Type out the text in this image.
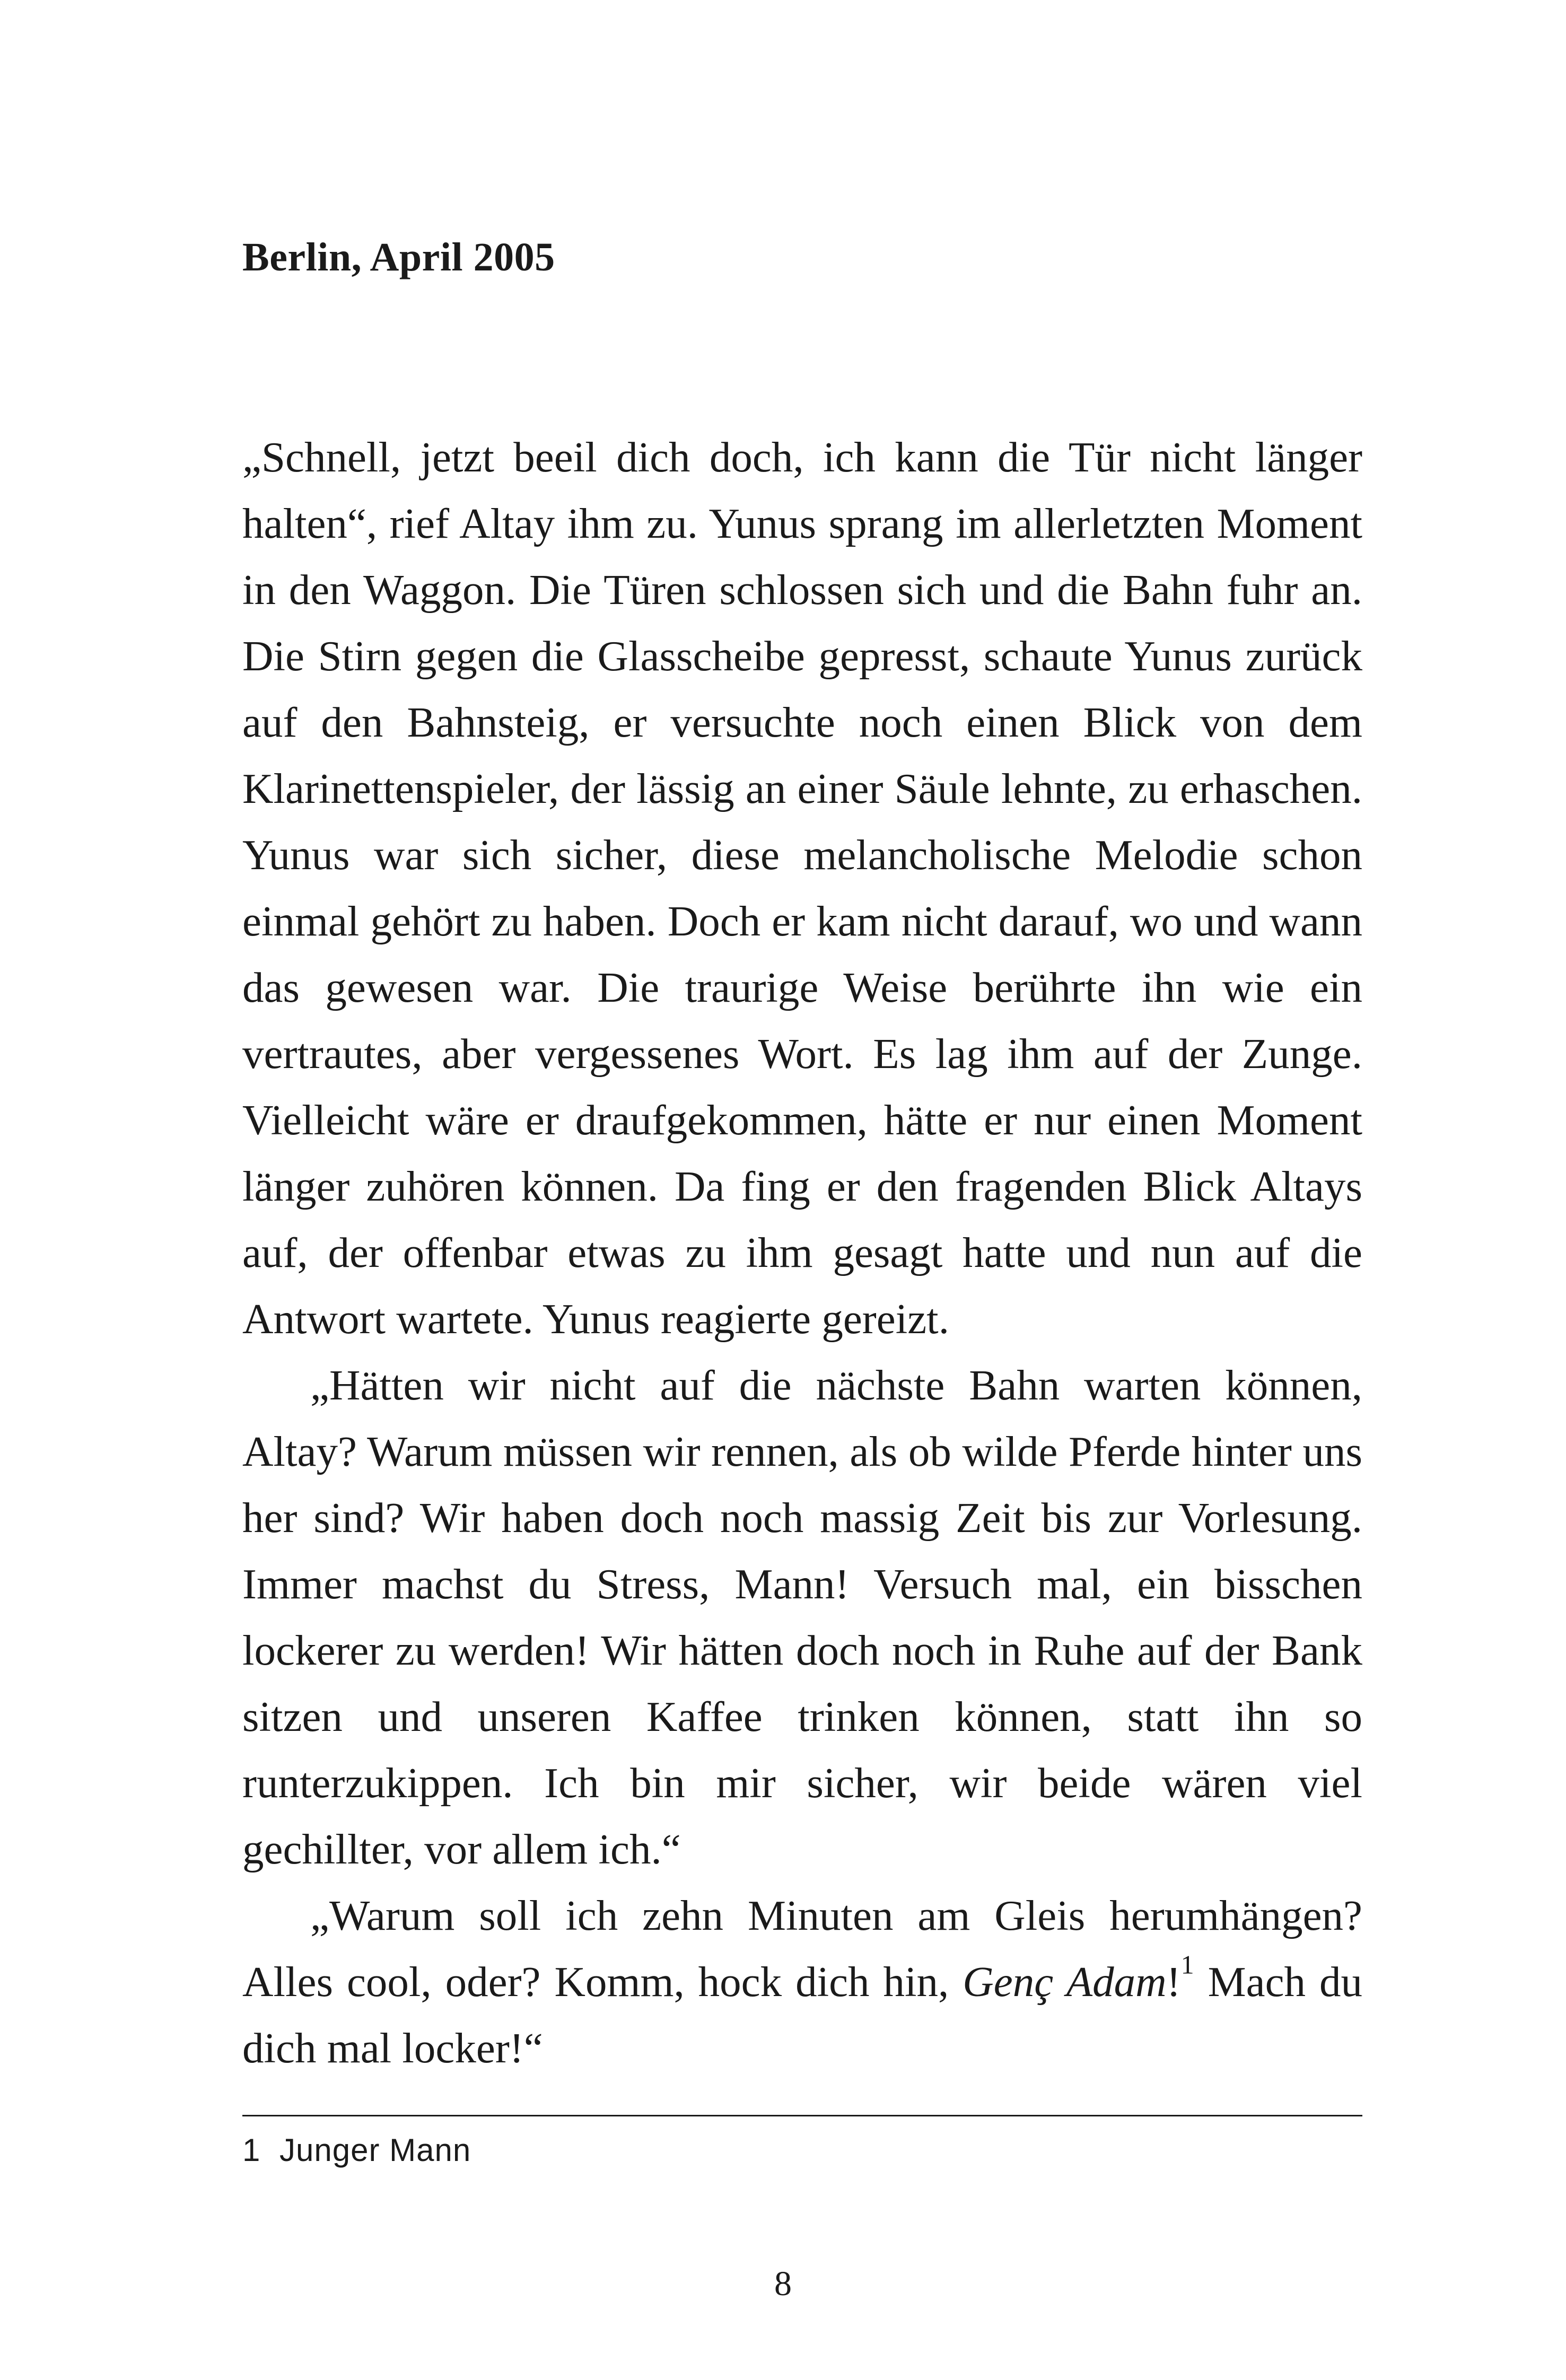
Berlin, April 2005

„Schnell, jetzt beeil dich doch, ich kann die Tür nicht länger halten“, rief Altay ihm zu. Yunus sprang im allerletzten Moment in den Waggon. Die Türen schlossen sich und die Bahn fuhr an. Die Stirn gegen die Glasscheibe gepresst, schaute Yunus zurück auf den Bahnsteig, er versuchte noch einen Blick von dem Klarinettenspieler, der lässig an einer Säule lehnte, zu erhaschen. Yunus war sich sicher, diese melancholische Melodie schon einmal gehört zu haben. Doch er kam nicht darauf, wo und wann das gewesen war. Die traurige Weise berührte ihn wie ein vertrautes, aber vergessenes Wort. Es lag ihm auf der Zunge. Vielleicht wäre er draufgekommen, hätte er nur einen Moment länger zuhören können. Da fing er den fragenden Blick Altays auf, der offenbar etwas zu ihm gesagt hatte und nun auf die Antwort wartete. Yunus reagierte gereizt.

„Hätten wir nicht auf die nächste Bahn warten können, Altay? Warum müssen wir rennen, als ob wilde Pferde hinter uns her sind? Wir haben doch noch massig Zeit bis zur Vorlesung. Immer machst du Stress, Mann! Versuch mal, ein bisschen lockerer zu werden! Wir hätten doch noch in Ruhe auf der Bank sitzen und unseren Kaffee trinken können, statt ihn so runterzukippen. Ich bin mir sicher, wir beide wären viel gechillter, vor allem ich.“

„Warum soll ich zehn Minuten am Gleis herumhängen? Alles cool, oder? Komm, hock dich hin, Genç Adam!$^1$ Mach du dich mal locker!“

1 Junger Mann

8
